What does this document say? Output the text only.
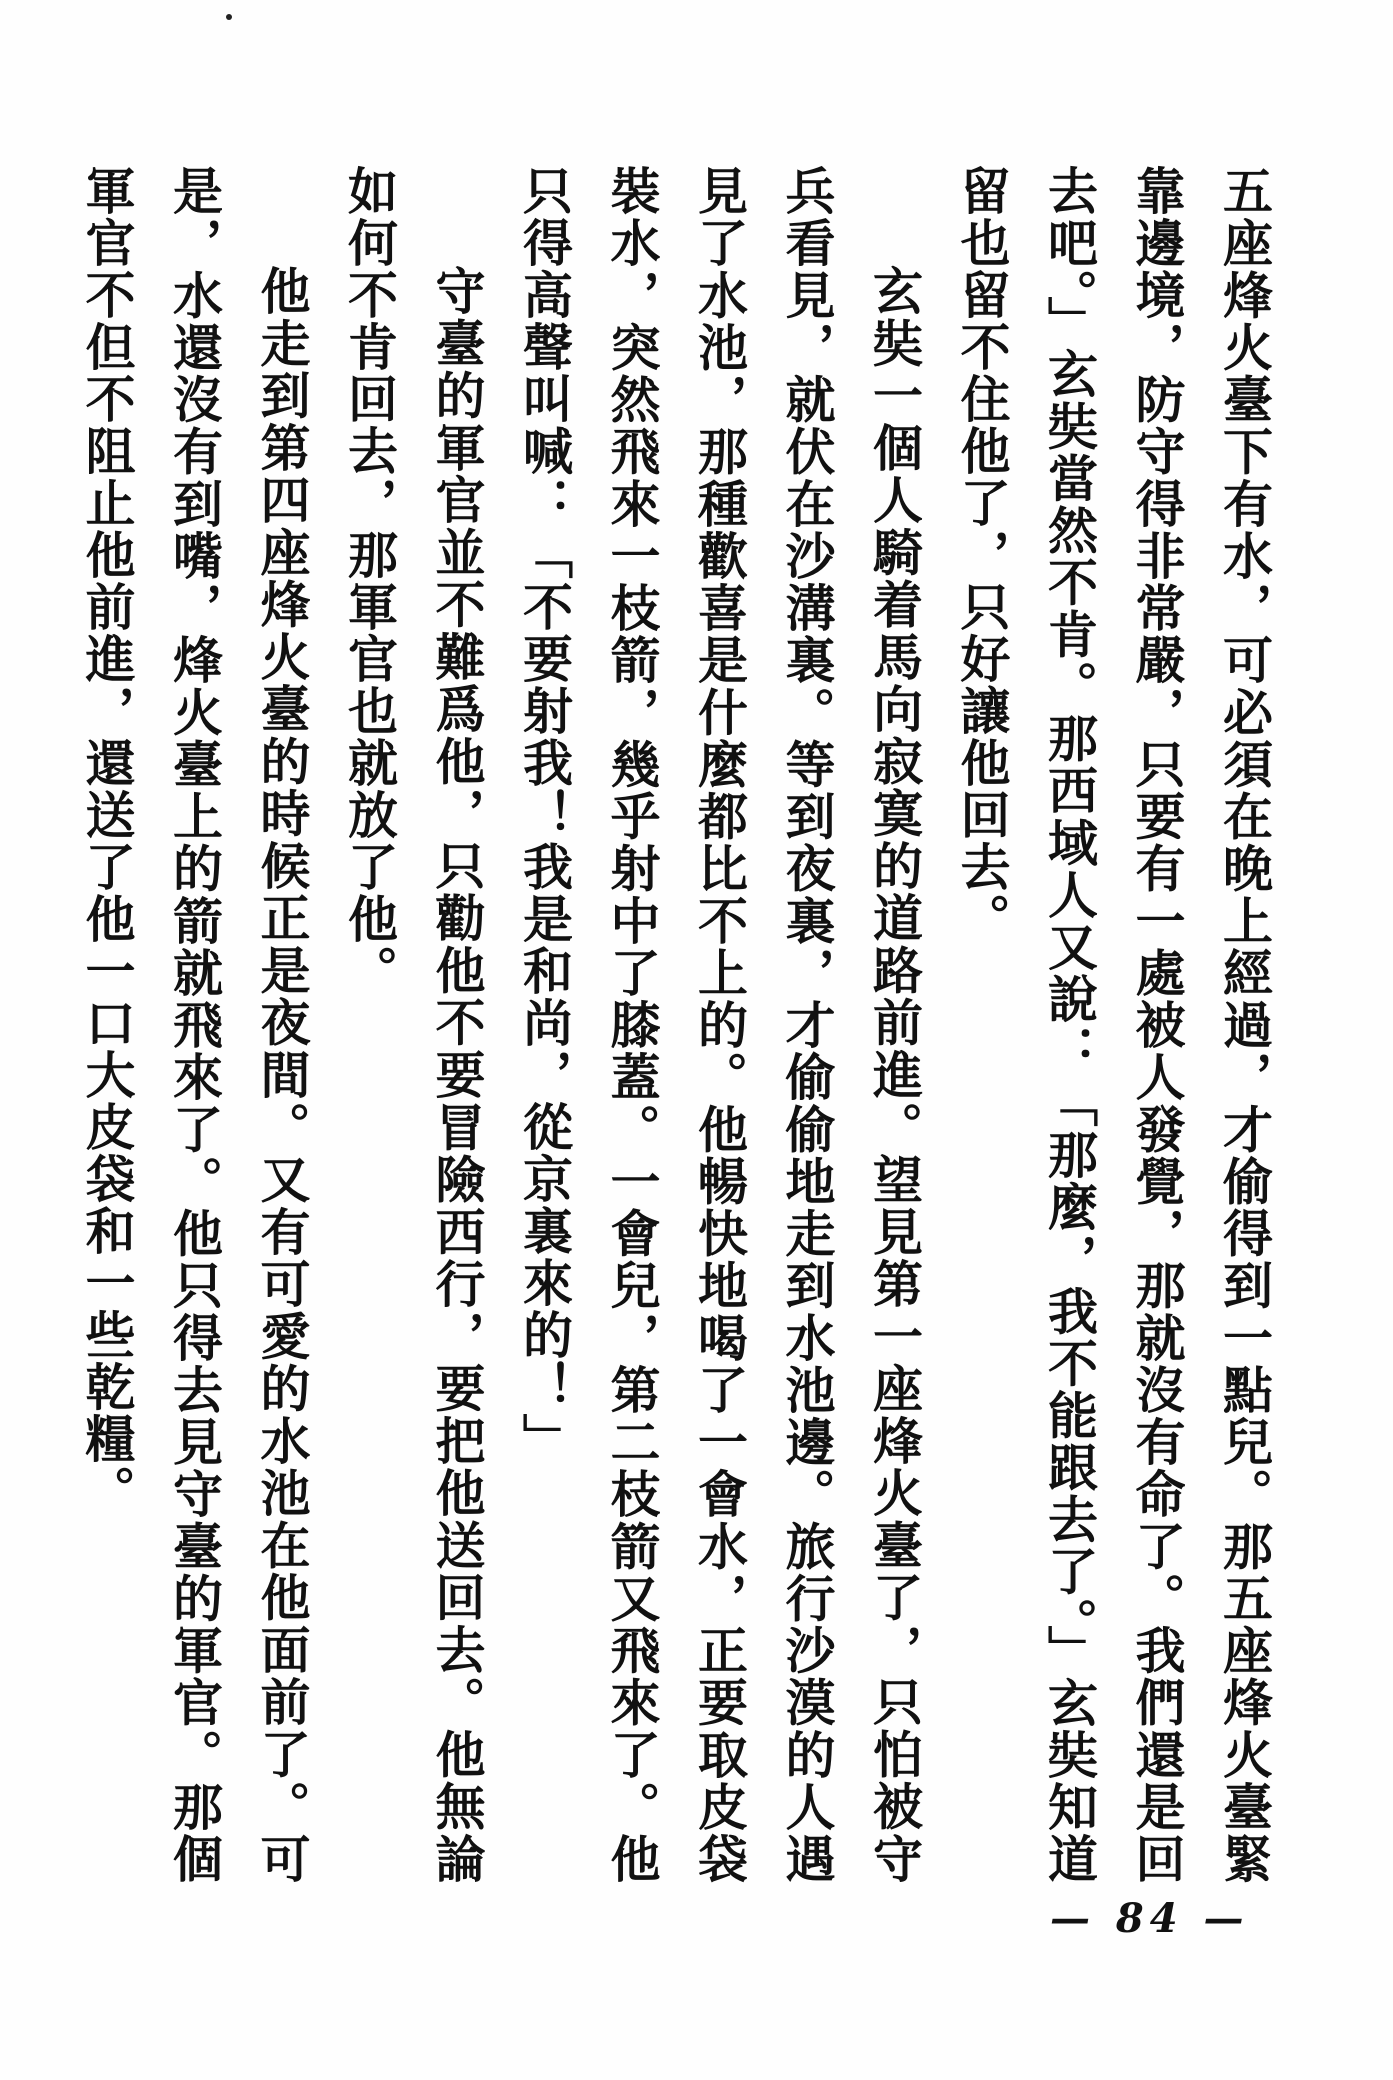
五座烽火臺下有水，可必須在晚上經過，才偷得到一點兒。那五座烽火臺緊靠邊境，防守得非常嚴，只要有一處被人發覺，那就沒有命了。我們還是回去吧。」玄奘當然不肯。那西域人又說：「那麼，我不能跟去了。」玄奘知道留也留不住他了，只好讓他回去。

玄奘一個人騎着馬向寂寞的道路前進。望見第一座烽火臺了，只怕被守兵看見，就伏在沙溝裏。等到夜裏，才偷偷地走到水池邊。旅行沙漠的人遇見了水池，那種歡喜是什麼都比不上的。他暢快地喝了一會水，正要取皮袋裝水，突然飛來一枝箭，幾乎射中了膝蓋。一會兒，第二枝箭又飛來了。他只得高聲叫喊：「不要射我！我是和尚，從京裏來的！」

守臺的軍官並不難爲他，只勸他不要冒險西行，要把他送回去。他無論如何不肯回去，那軍官也就放了他。

他走到第四座烽火臺的時候正是夜間。又有可愛的水池在他面前了。可是，水還沒有到嘴，烽火臺上的箭就飛來了。他只得去見守臺的軍官。那個軍官不但不阻止他前進，還送了他一口大皮袋和一些乾糧。

— 84 —
